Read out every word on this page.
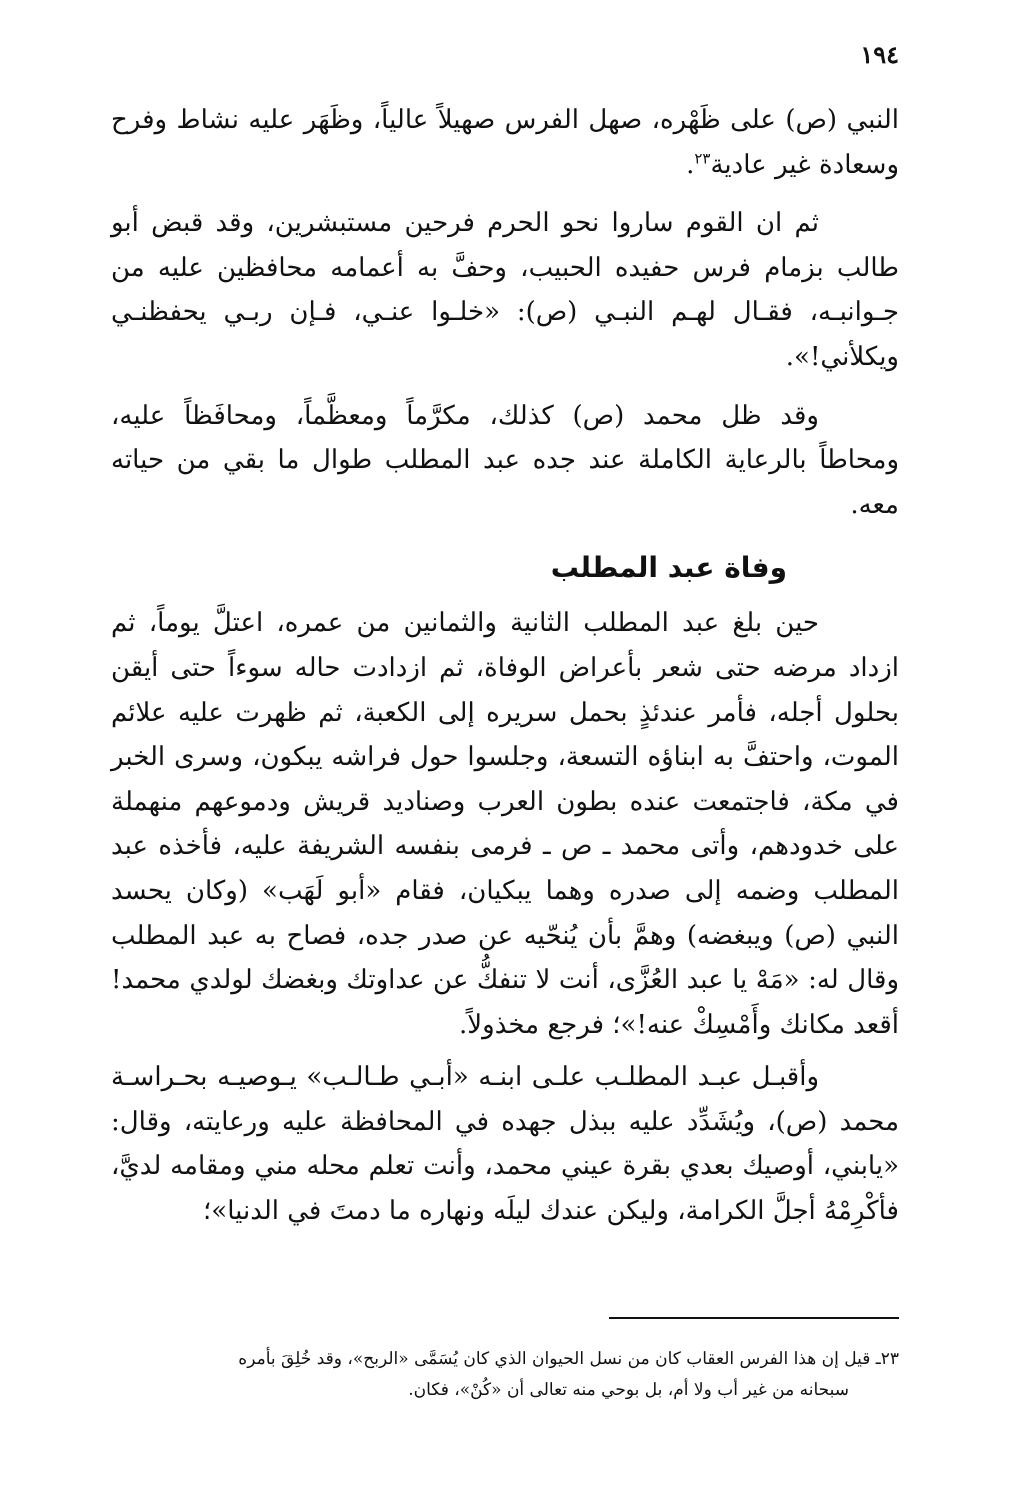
١٩٤

النبي (ص) على ظَهْره، صهل الفرس صهيلاً عالياً، وظَهَر عليه نشاط وفرح وسعادة غير عادية$^{٢٣}$.

ثم ان القوم ساروا نحو الحرم فرحين مستبشرين، وقد قبض أبو طالب بزمام فرس حفيده الحبيب، وحفَّ به أعمامه محافظين عليه من جـوانبـه، فقـال لهـم النبـي (ص): «خلـوا عنـي، فـإن ربـي يحفظنـي ويكلأني!».

وقد ظل محمد (ص) كذلك، مكرَّماً ومعظَّماً، ومحافَظاً عليه، ومحاطاً بالرعاية الكاملة عند جده عبد المطلب طوال ما بقي من حياته معه.

وفاة عبد المطلب

حين بلغ عبد المطلب الثانية والثمانين من عمره، اعتلَّ يوماً، ثم ازداد مرضه حتى شعر بأعراض الوفاة، ثم ازدادت حاله سوءاً حتى أيقن بحلول أجله، فأمر عندئذٍ بحمل سريره إلى الكعبة، ثم ظهرت عليه علائم الموت، واحتفَّ به ابناؤه التسعة، وجلسوا حول فراشه يبكون، وسرى الخبر في مكة، فاجتمعت عنده بطون العرب وصناديد قريش ودموعهم منهملة على خدودهم، وأتى محمد ـ ص ـ فرمى بنفسه الشريفة عليه، فأخذه عبد المطلب وضمه إلى صدره وهما يبكيان، فقام «أبو لَهَب» (وكان يحسد النبي (ص) ويبغضه) وهمَّ بأن يُنحّيه عن صدر جده، فصاح به عبد المطلب وقال له: «مَهْ يا عبد العُزَّى، أنت لا تنفكُّ عن عداوتك وبغضك لولدي محمد! أقعد مكانك وأَمْسِكْ عنه!»؛ فرجع مخذولاً.

وأقبـل عبـد المطلـب علـى ابنـه «أبـي طـالـب» يـوصيـه بحـراسـة محمد (ص)، ويُشَدِّد عليه ببذل جهده في المحافظة عليه ورعايته، وقال: «يابني، أوصيك بعدي بقرة عيني محمد، وأنت تعلم محله مني ومقامه لديَّ، فأكْرِمْهُ أجلَّ الكرامة، وليكن عندك ليلَه ونهاره ما دمتَ في الدنيا»؛

٢٣ـ قيل إن هذا الفرس العقاب كان من نسل الحيوان الذي كان يُسَمَّى «الربح»، وقد خُلِقَ بأمره
سبحانه من غير أب ولا أم، بل بوحي منه تعالى أن «كُنْ»، فكان.
